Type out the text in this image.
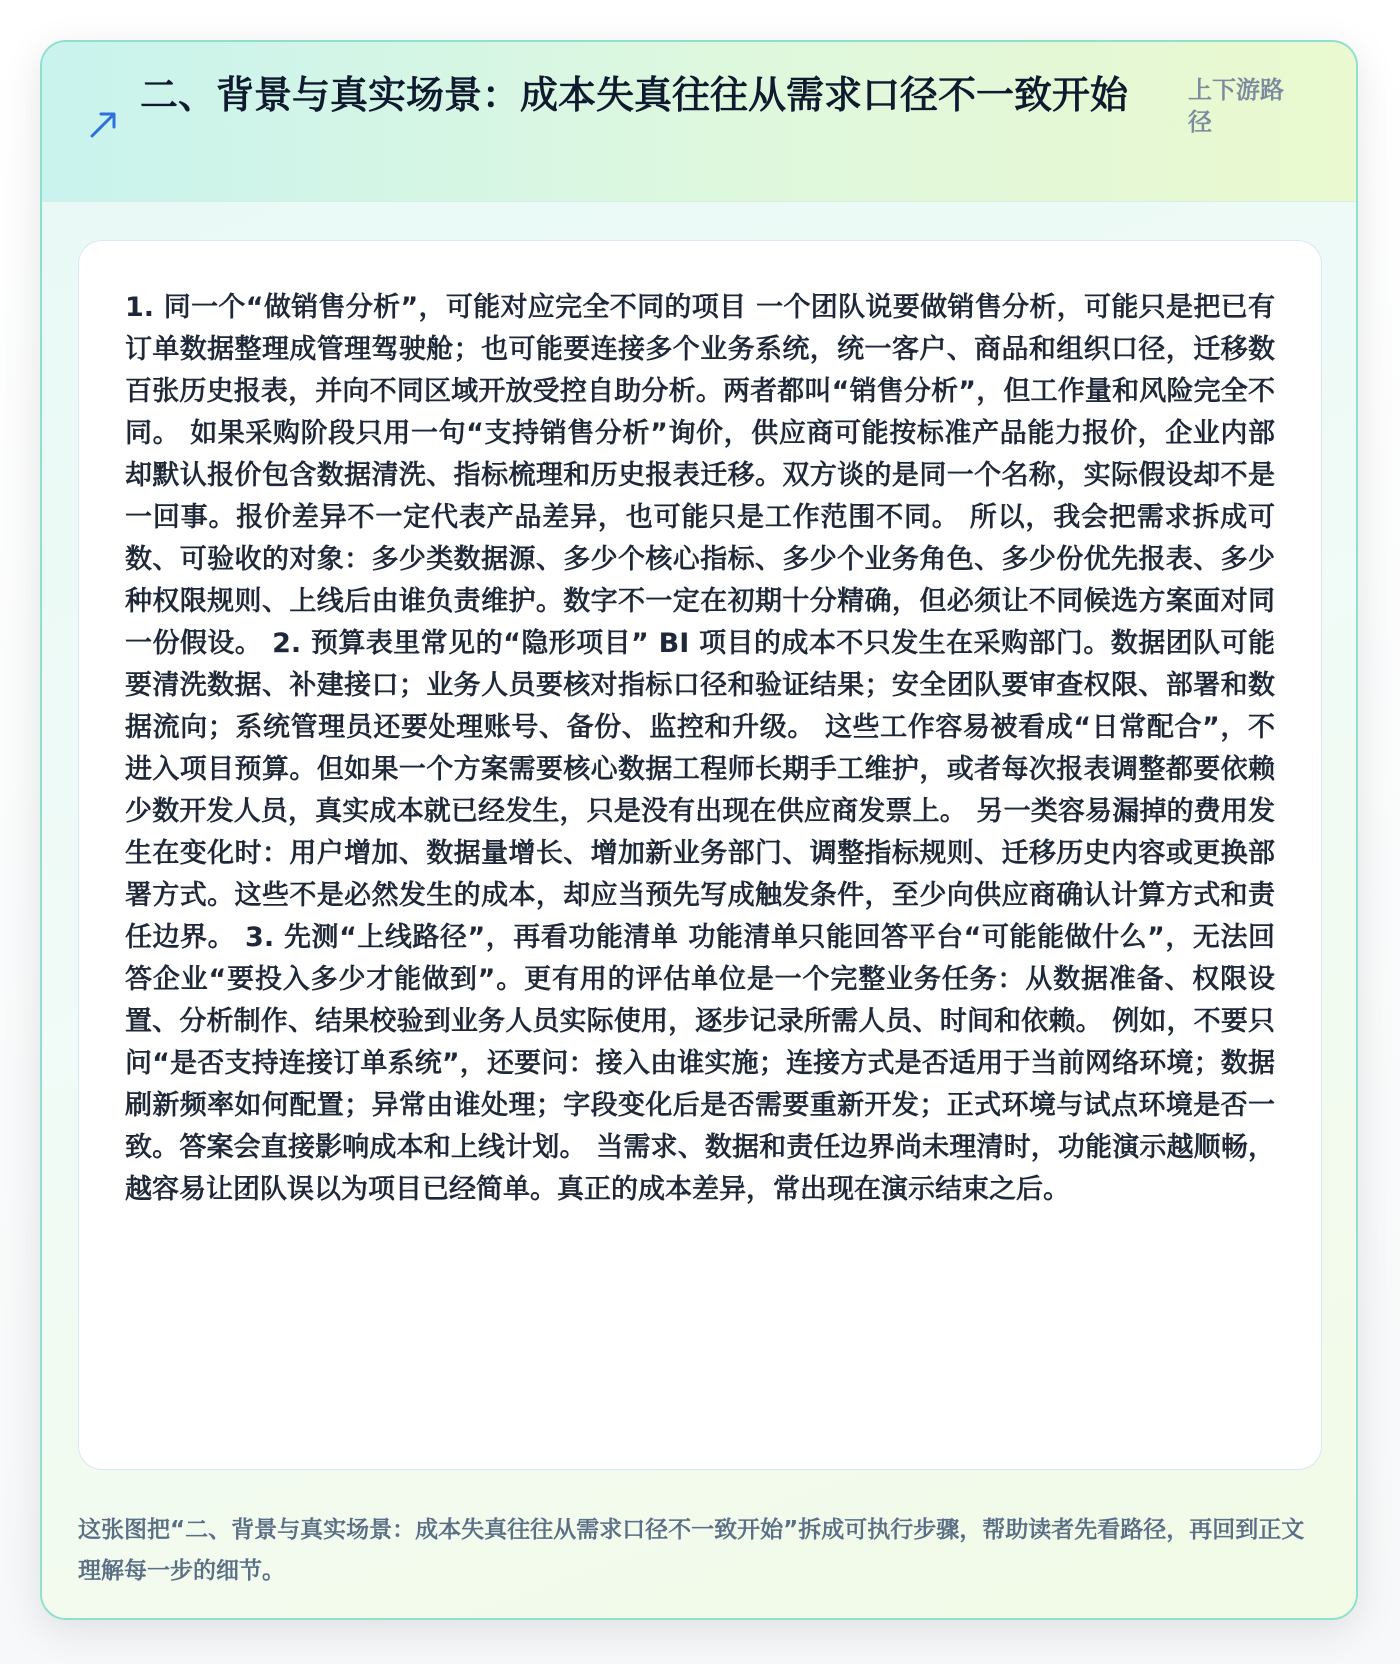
二、背景与真实场景：成本失真往往从需求口径不一致开始	上下游路径
1. 同一个“做销售分析”，可能对应完全不同的项目 一个团队说要做销售分析，可能只是把已有订单数据整理成管理驾驶舱；也可能要连接多个业务系统，统一客户、商品和组织口径，迁移数百张历史报表，并向不同区域开放受控自助分析。两者都叫“销售分析”，但工作量和风险完全不同。 如果采购阶段只用一句“支持销售分析”询价，供应商可能按标准产品能力报价，企业内部却默认报价包含数据清洗、指标梳理和历史报表迁移。双方谈的是同一个名称，实际假设却不是一回事。报价差异不一定代表产品差异，也可能只是工作范围不同。 所以，我会把需求拆成可数、可验收的对象：多少类数据源、多少个核心指标、多少个业务角色、多少份优先报表、多少种权限规则、上线后由谁负责维护。数字不一定在初期十分精确，但必须让不同候选方案面对同一份假设。 2. 预算表里常见的“隐形项目” BI 项目的成本不只发生在采购部门。数据团队可能要清洗数据、补建接口；业务人员要核对指标口径和验证结果；安全团队要审查权限、部署和数据流向；系统管理员还要处理账号、备份、监控和升级。 这些工作容易被看成“日常配合”，不进入项目预算。但如果一个方案需要核心数据工程师长期手工维护，或者每次报表调整都要依赖少数开发人员，真实成本就已经发生，只是没有出现在供应商发票上。 另一类容易漏掉的费用发生在变化时：用户增加、数据量增长、增加新业务部门、调整指标规则、迁移历史内容或更换部署方式。这些不是必然发生的成本，却应当预先写成触发条件，至少向供应商确认计算方式和责任边界。 3. 先测“上线路径”，再看功能清单 功能清单只能回答平台“可能能做什么”，无法回答企业“要投入多少才能做到”。更有用的评估单位是一个完整业务任务：从数据准备、权限设置、分析制作、结果校验到业务人员实际使用，逐步记录所需人员、时间和依赖。 例如，不要只问“是否支持连接订单系统”，还要问：接入由谁实施；连接方式是否适用于当前网络环境；数据刷新频率如何配置；异常由谁处理；字段变化后是否需要重新开发；正式环境与试点环境是否一致。答案会直接影响成本和上线计划。 当需求、数据和责任边界尚未理清时，功能演示越顺畅，越容易让团队误以为项目已经简单。真正的成本差异，常出现在演示结束之后。
这张图把“二、背景与真实场景：成本失真往往从需求口径不一致开始”拆成可执行步骤，帮助读者先看路径，再回到正文理解每一步的细节。
